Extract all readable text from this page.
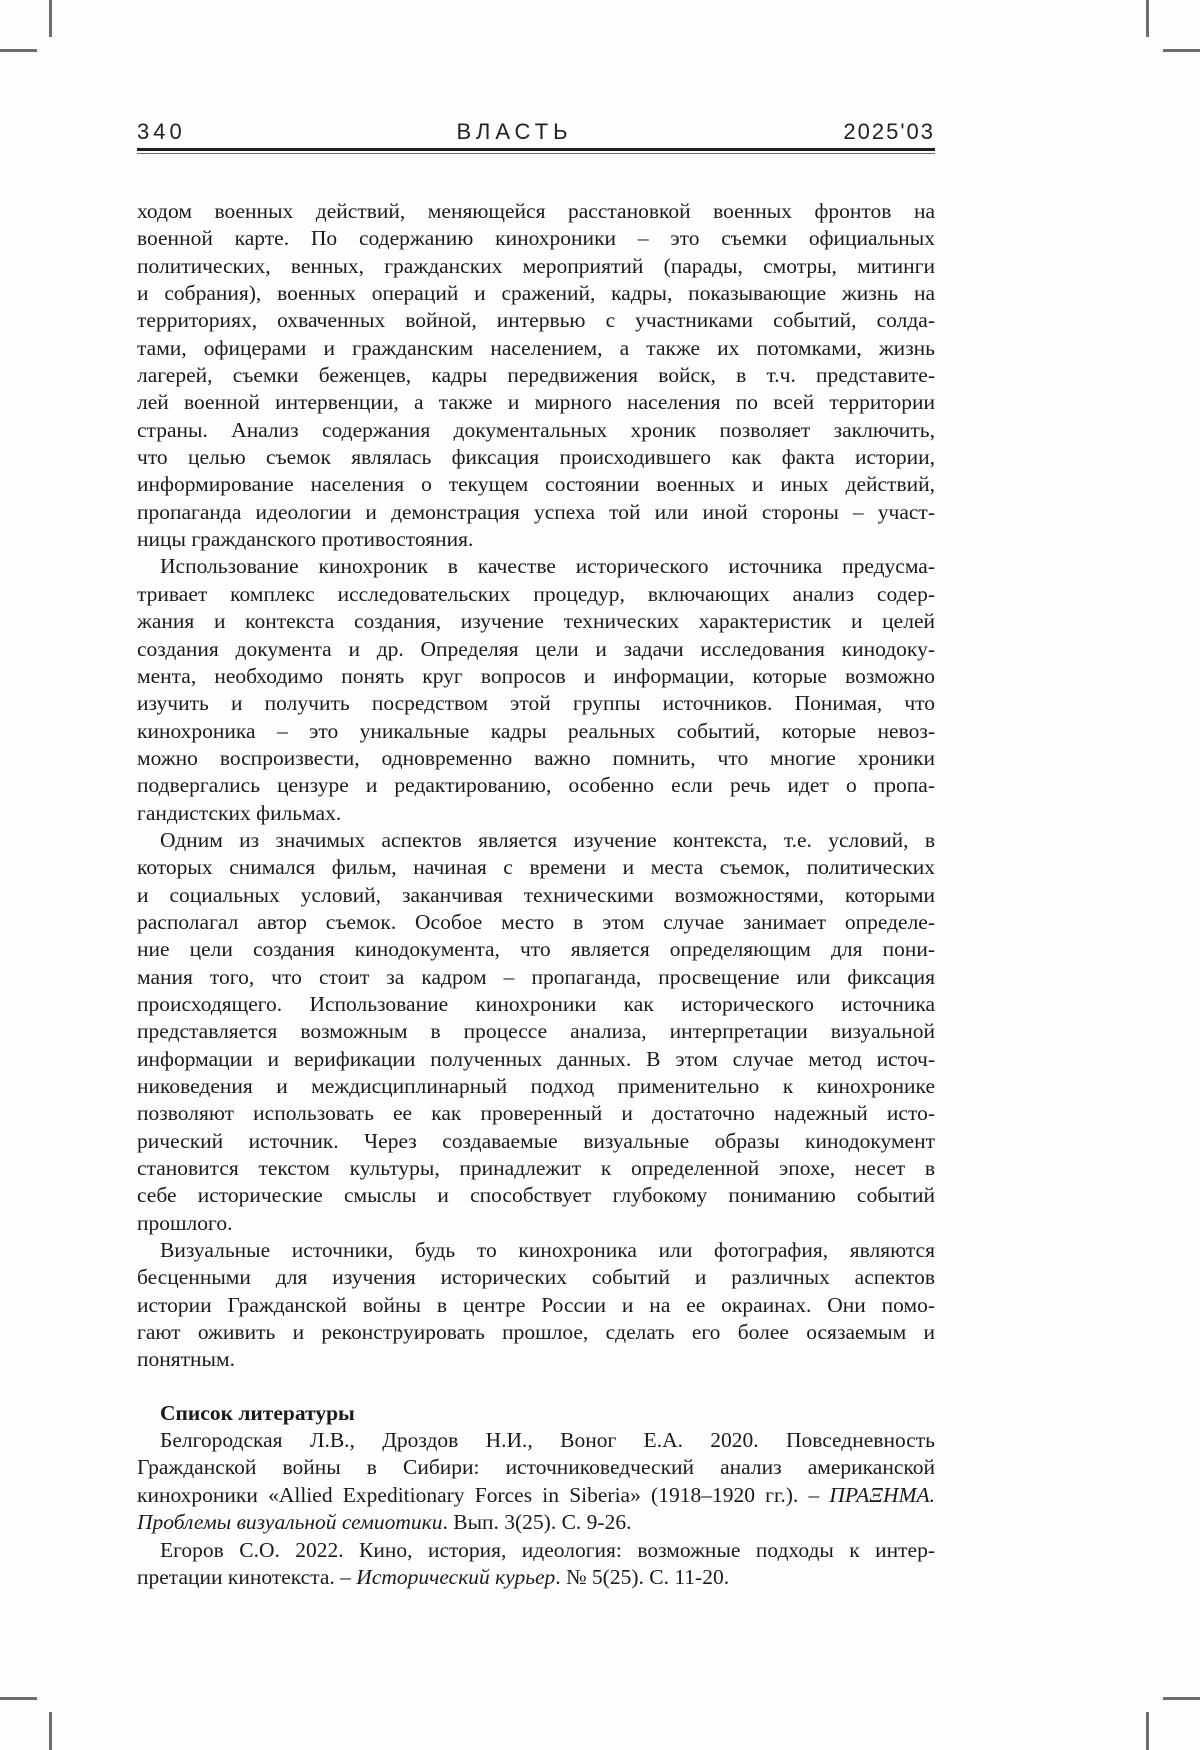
340	ВЛАСТЬ	2025'03
ходом военных действий, меняющейся расстановкой военных фронтов на
военной карте. По содержанию кинохроники – это съемки официальных
политических, венных, гражданских мероприятий (парады, смотры, митинги
и собрания), военных операций и сражений, кадры, показывающие жизнь на
территориях, охваченных войной, интервью с участниками событий, солда-
тами, офицерами и гражданским населением, а также их потомками, жизнь
лагерей, съемки беженцев, кадры передвижения войск, в т.ч. представите-
лей военной интервенции, а также и мирного населения по всей территории
страны. Анализ содержания документальных хроник позволяет заключить,
что целью съемок являлась фиксация происходившего как факта истории,
информирование населения о текущем состоянии военных и иных действий,
пропаганда идеологии и демонстрация успеха той или иной стороны – участ-
ницы гражданского противостояния.
Использование кинохроник в качестве исторического источника предусма-
тривает комплекс исследовательских процедур, включающих анализ содер-
жания и контекста создания, изучение технических характеристик и целей
создания документа и др. Определяя цели и задачи исследования кинодоку-
мента, необходимо понять круг вопросов и информации, которые возможно
изучить и получить посредством этой группы источников. Понимая, что
кинохроника – это уникальные кадры реальных событий, которые невоз-
можно воспроизвести, одновременно важно помнить, что многие хроники
подвергались цензуре и редактированию, особенно если речь идет о пропа-
гандистских фильмах.
Одним из значимых аспектов является изучение контекста, т.е. условий, в
которых снимался фильм, начиная с времени и места съемок, политических
и социальных условий, заканчивая техническими возможностями, которыми
располагал автор съемок. Особое место в этом случае занимает определе-
ние цели создания кинодокумента, что является определяющим для пони-
мания того, что стоит за кадром – пропаганда, просвещение или фиксация
происходящего. Использование кинохроники как исторического источника
представляется возможным в процессе анализа, интерпретации визуальной
информации и верификации полученных данных. В этом случае метод источ-
никоведения и междисциплинарный подход применительно к кинохронике
позволяют использовать ее как проверенный и достаточно надежный исто-
рический источник. Через создаваемые визуальные образы кинодокумент
становится текстом культуры, принадлежит к определенной эпохе, несет в
себе исторические смыслы и способствует глубокому пониманию событий
прошлого.
Визуальные источники, будь то кинохроника или фотография, являются
бесценными для изучения исторических событий и различных аспектов
истории Гражданской войны в центре России и на ее окраинах. Они помо-
гают оживить и реконструировать прошлое, сделать его более осязаемым и
понятным.
Список литературы
Белгородская Л.В., Дроздов Н.И., Воног Е.А. 2020. Повседневность
Гражданской войны в Сибири: источниковедческий анализ американской
кинохроники «Allied Expeditionary Forces in Siberia» (1918–1920 гг.). – ПРАΞНМА.
Проблемы визуальной семиотики. Вып. 3(25). С. 9-26.
Егоров С.О. 2022. Кино, история, идеология: возможные подходы к интер-
претации кинотекста. – Исторический курьер. № 5(25). С. 11-20.
